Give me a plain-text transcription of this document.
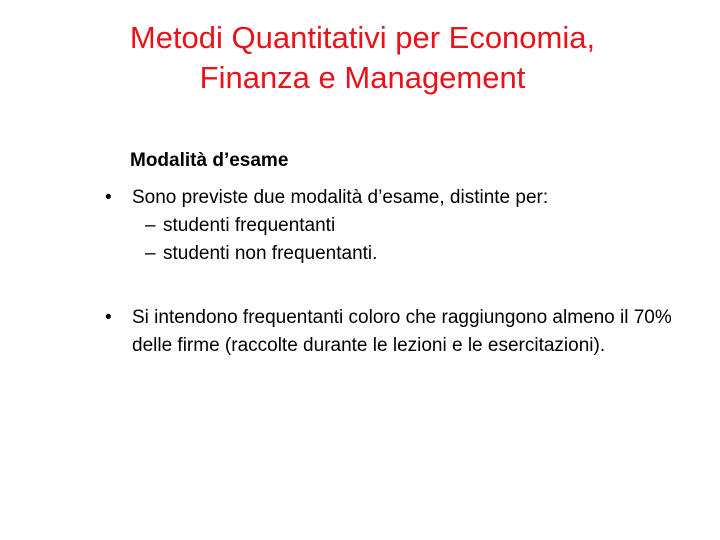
Metodi Quantitativi per Economia,
Finanza e Management
Modalità d’esame
•	Sono previste due modalità d’esame, distinte per:
– studenti frequentanti
– studenti non frequentanti.
•	Si intendono frequentanti coloro che raggiungono almeno il 70% delle firme (raccolte durante le lezioni e le esercitazioni).
